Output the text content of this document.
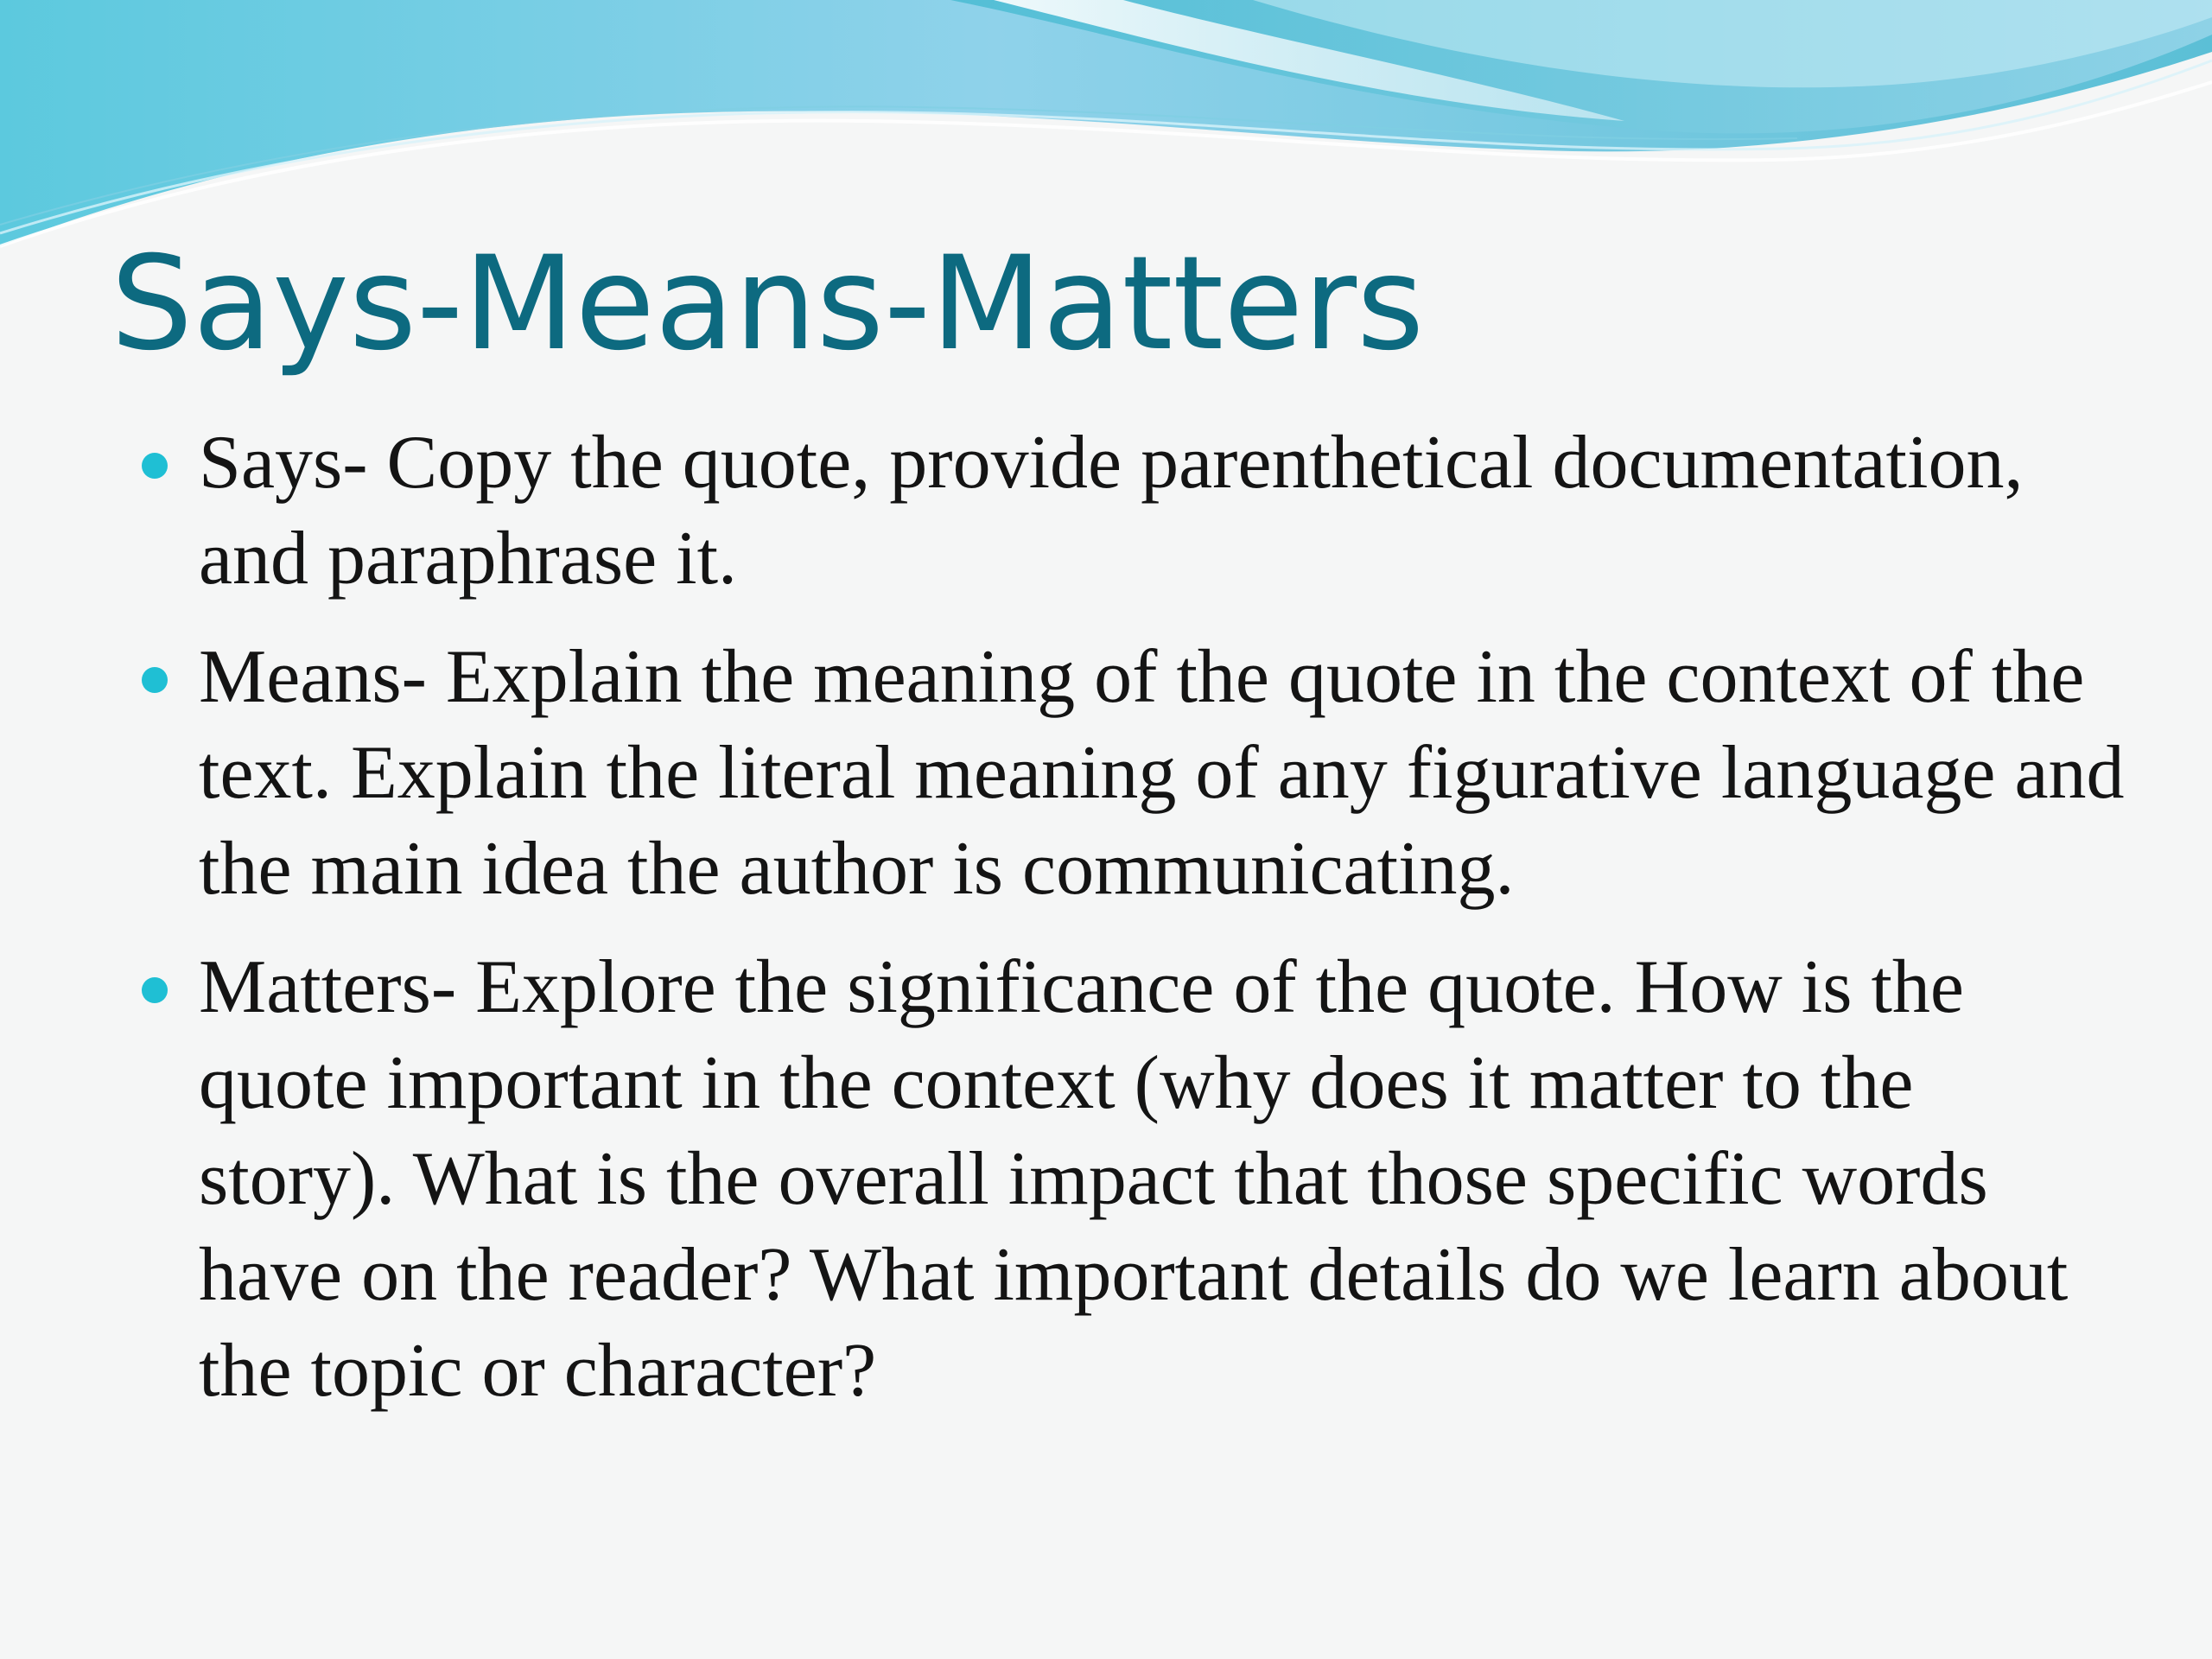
Says-Means-Matters
Says- Copy the quote, provide parenthetical documentation, and paraphrase it.
Means- Explain the meaning of the quote in the context of the text. Explain the literal meaning of any figurative language and the main idea the author is communicating.
Matters- Explore the significance of the quote. How is the quote important in the context (why does it matter to the story). What is the overall impact that those specific words have on the reader? What important details do we learn about the topic or character?
